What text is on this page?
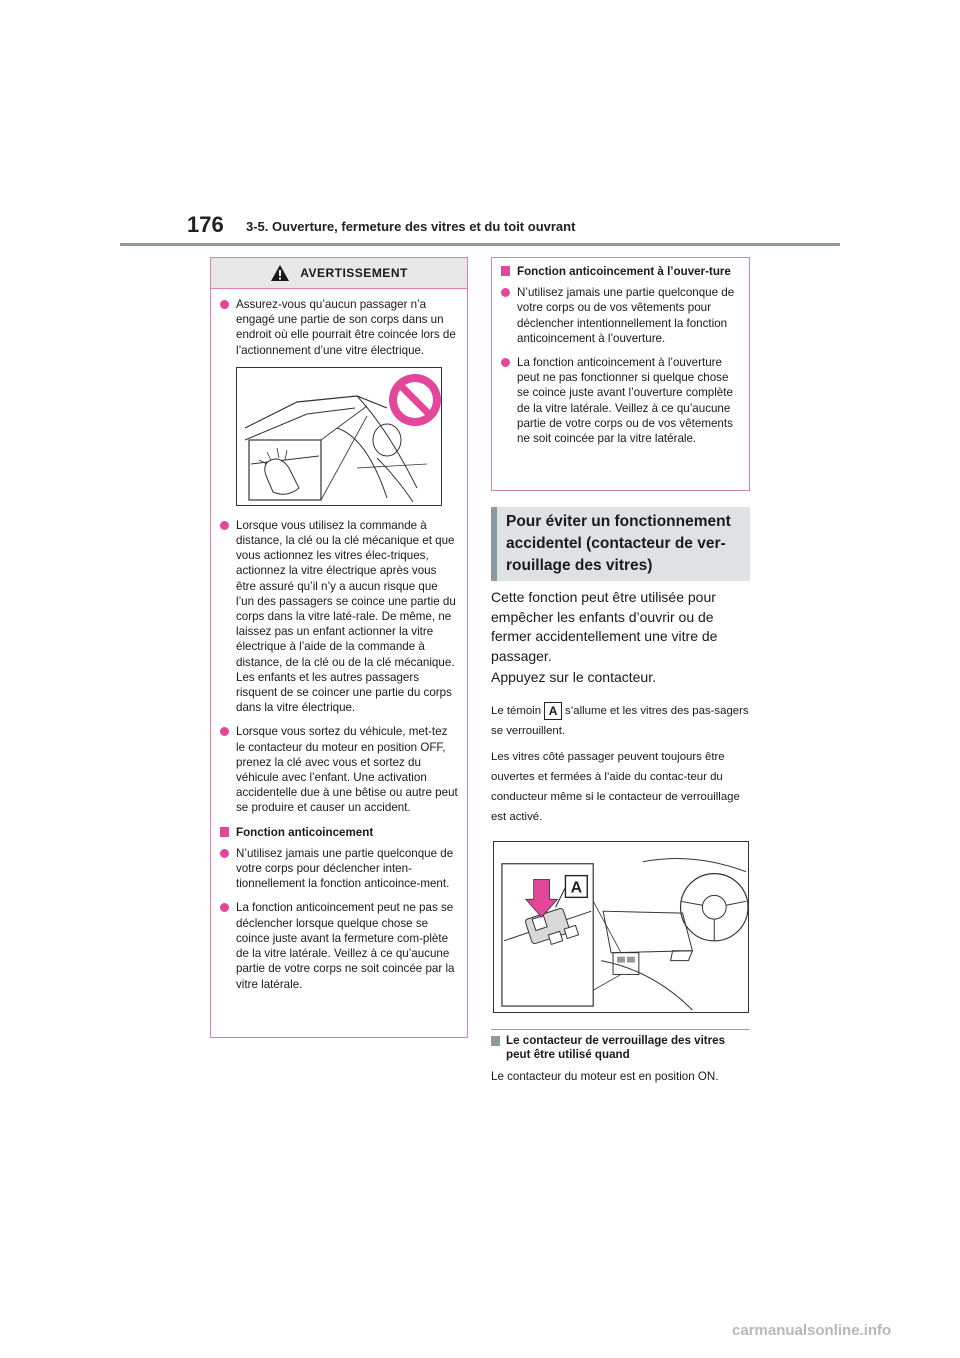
176 3-5. Ouverture, fermeture des vitres et du toit ouvrant
AVERTISSEMENT
Assurez-vous qu’aucun passager n’a engagé une partie de son corps dans un endroit où elle pourrait être coincée lors de l’actionnement d’une vitre électrique.
Lorsque vous utilisez la commande à distance, la clé ou la clé mécanique et que vous actionnez les vitres élec-triques, actionnez la vitre électrique après vous être assuré qu’il n’y a aucun risque que l’un des passagers se coince une partie du corps dans la vitre laté-rale. De même, ne laissez pas un enfant actionner la vitre électrique à l’aide de la commande à distance, de la clé ou de la clé mécanique. Les enfants et les autres passagers risquent de se coincer une partie du corps dans la vitre électrique.
Lorsque vous sortez du véhicule, met-tez le contacteur du moteur en position OFF, prenez la clé avec vous et sortez du véhicule avec l’enfant. Une activation accidentelle due à une bêtise ou autre peut se produire et causer un accident.
Fonction anticoincement
N’utilisez jamais une partie quelconque de votre corps pour déclencher inten-tionnellement la fonction anticoince-ment.
La fonction anticoincement peut ne pas se déclencher lorsque quelque chose se coince juste avant la fermeture com-plète de la vitre latérale. Veillez à ce qu’aucune partie de votre corps ne soit coincée par la vitre latérale.
Fonction anticoincement à l’ouver-ture
N’utilisez jamais une partie quelconque de votre corps ou de vos vêtements pour déclencher intentionnellement la fonction anticoincement à l’ouverture.
La fonction anticoincement à l’ouverture peut ne pas fonctionner si quelque chose se coince juste avant l’ouverture complète de la vitre latérale. Veillez à ce qu’aucune partie de votre corps ou de vos vêtements ne soit coincée par la vitre latérale.
Pour éviter un fonctionnement accidentel (contacteur de ver-rouillage des vitres)
Cette fonction peut être utilisée pour empêcher les enfants d’ouvrir ou de fermer accidentellement une vitre de passager.
Appuyez sur le contacteur.
Le témoin A s’allume et les vitres des pas-sagers se verrouillent.
Les vitres côté passager peuvent toujours être ouvertes et fermées à l’aide du contac-teur du conducteur même si le contacteur de verrouillage est activé.
A
Le contacteur de verrouillage des vitres peut être utilisé quand
Le contacteur du moteur est en position ON.
carmanualsonline.info
